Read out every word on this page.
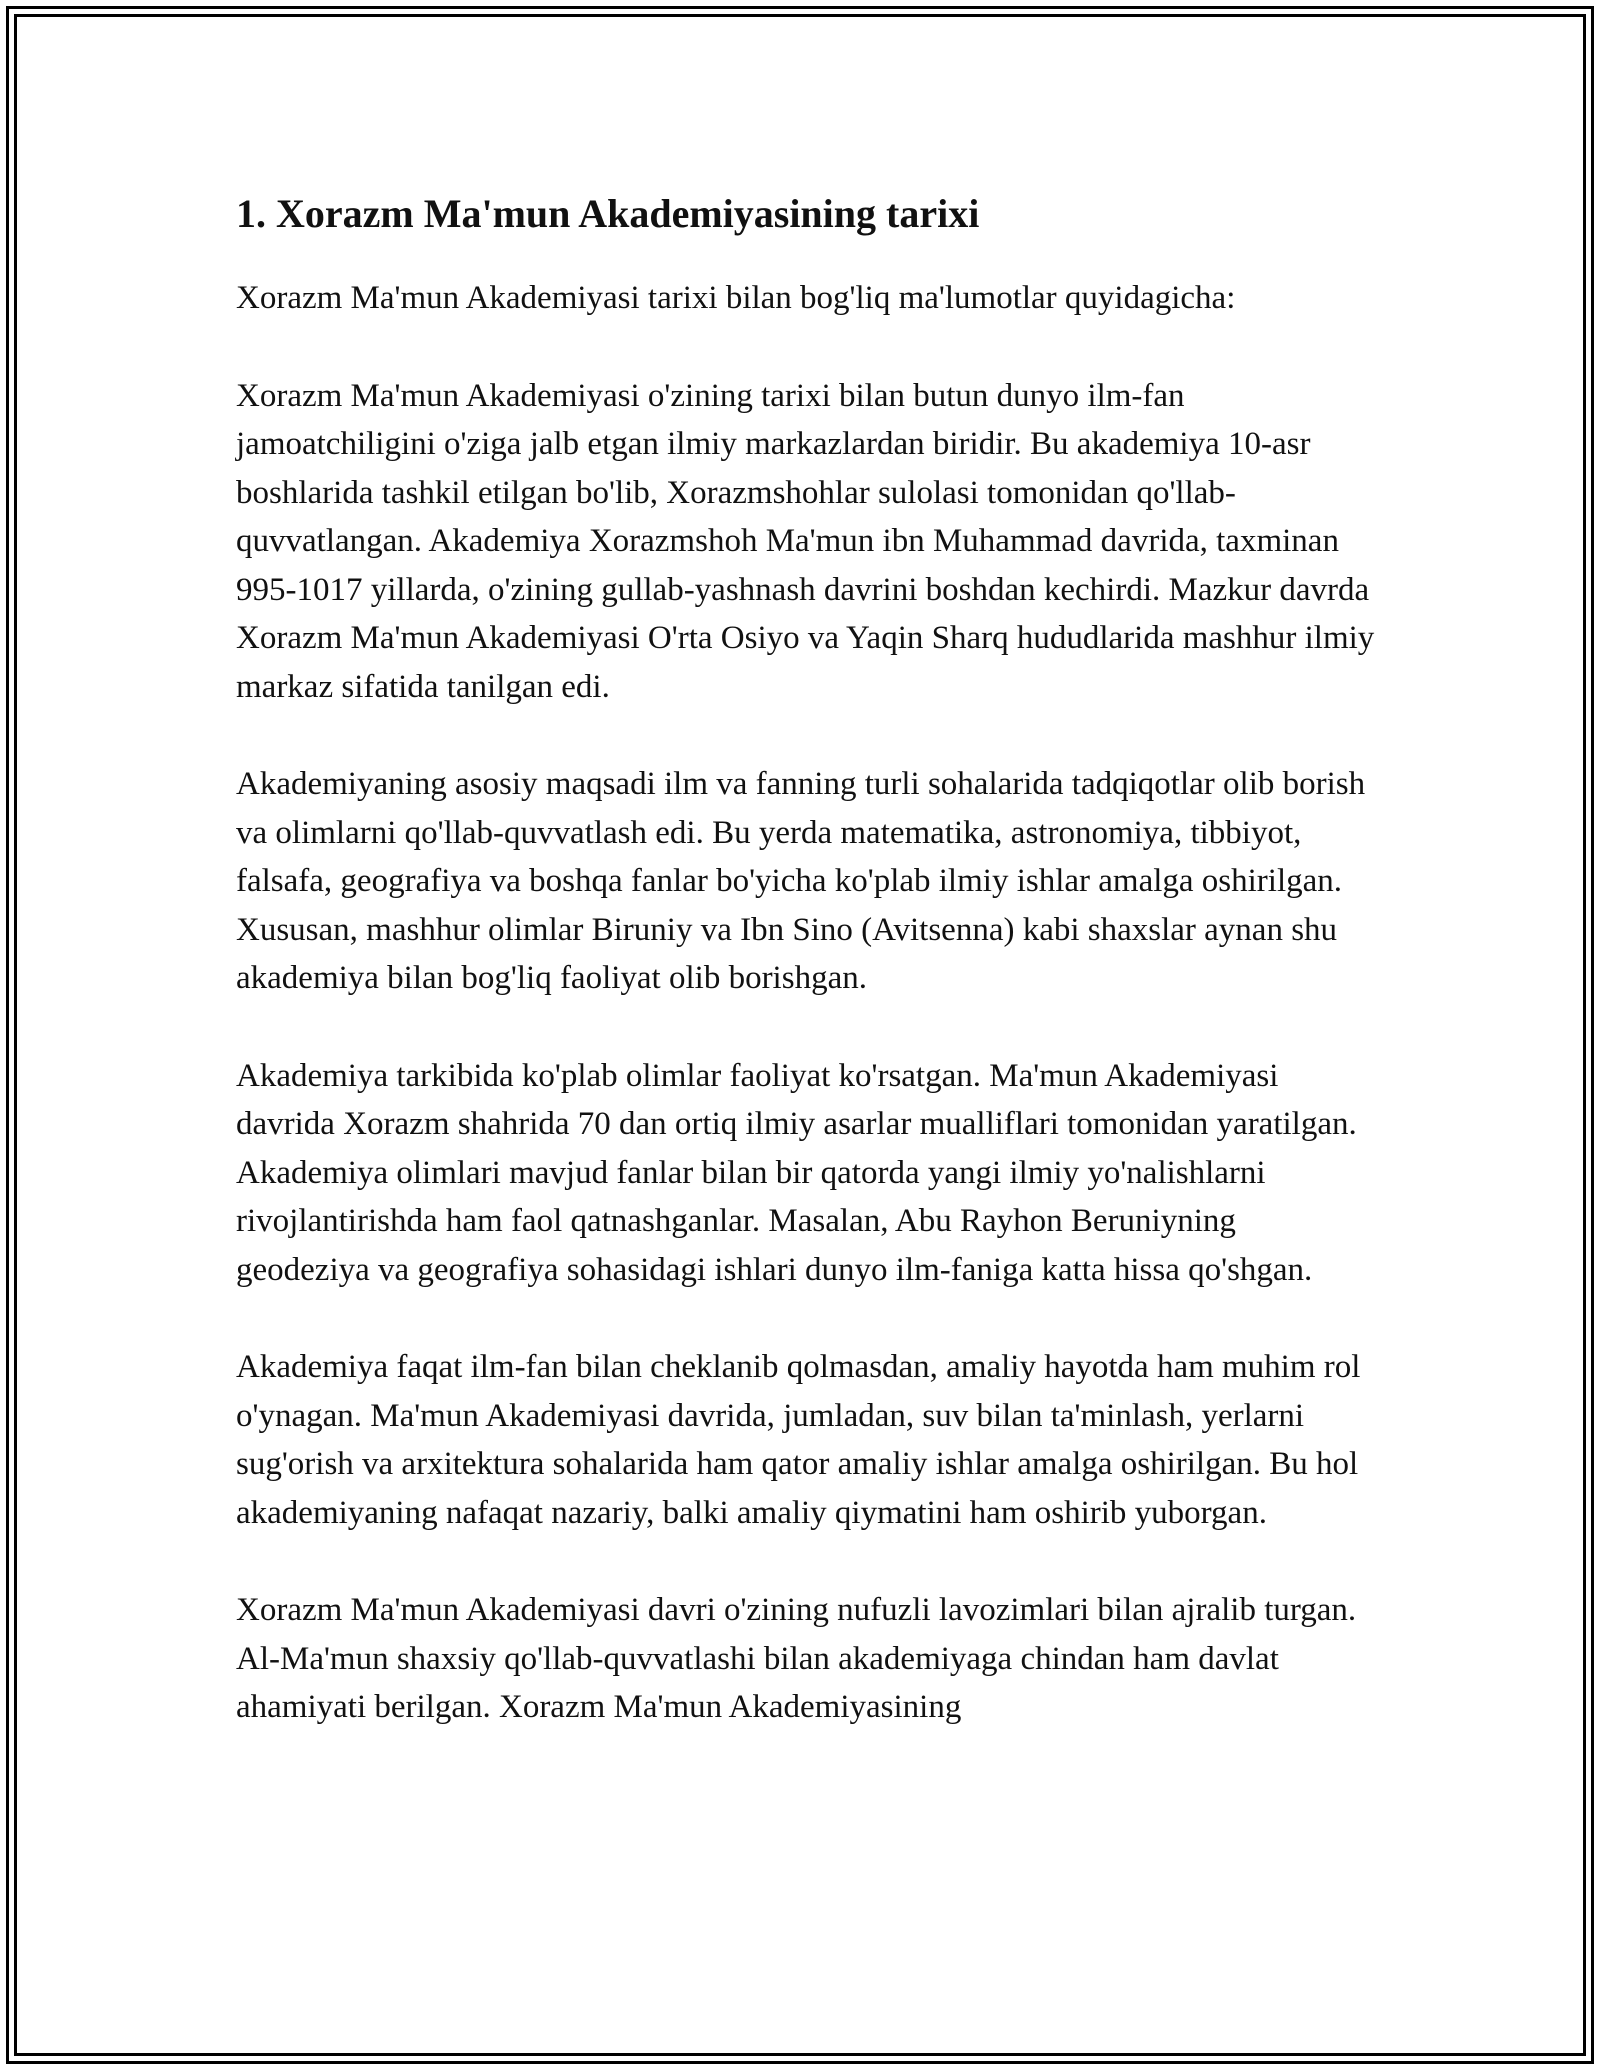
1. Xorazm Ma'mun Akademiyasining tarixi

Xorazm Ma'mun Akademiyasi tarixi bilan bog'liq ma'lumotlar quyidagicha:

Xorazm Ma'mun Akademiyasi o'zining tarixi bilan butun dunyo ilm-fan jamoatchiligini o'ziga jalb etgan ilmiy markazlardan biridir. Bu akademiya 10-asr boshlarida tashkil etilgan bo'lib, Xorazmshohlar sulolasi tomonidan qo'llab-quvvatlangan. Akademiya Xorazmshoh Ma'mun ibn Muhammad davrida, taxminan 995-1017 yillarda, o'zining gullab-yashnash davrini boshdan kechirdi. Mazkur davrda Xorazm Ma'mun Akademiyasi O'rta Osiyo va Yaqin Sharq hududlarida mashhur ilmiy markaz sifatida tanilgan edi.

Akademiyaning asosiy maqsadi ilm va fanning turli sohalarida tadqiqotlar olib borish va olimlarni qo'llab-quvvatlash edi. Bu yerda matematika, astronomiya, tibbiyot, falsafa, geografiya va boshqa fanlar bo'yicha ko'plab ilmiy ishlar amalga oshirilgan. Xususan, mashhur olimlar Biruniy va Ibn Sino (Avitsenna) kabi shaxslar aynan shu akademiya bilan bog'liq faoliyat olib borishgan.

Akademiya tarkibida ko'plab olimlar faoliyat ko'rsatgan. Ma'mun Akademiyasi davrida Xorazm shahrida 70 dan ortiq ilmiy asarlar mualliflari tomonidan yaratilgan. Akademiya olimlari mavjud fanlar bilan bir qatorda yangi ilmiy yo'nalishlarni rivojlantirishda ham faol qatnashganlar. Masalan, Abu Rayhon Beruniyning geodeziya va geografiya sohasidagi ishlari dunyo ilm-faniga katta hissa qo'shgan.

Akademiya faqat ilm-fan bilan cheklanib qolmasdan, amaliy hayotda ham muhim rol o'ynagan. Ma'mun Akademiyasi davrida, jumladan, suv bilan ta'minlash, yerlarni sug'orish va arxitektura sohalarida ham qator amaliy ishlar amalga oshirilgan. Bu hol akademiyaning nafaqat nazariy, balki amaliy qiymatini ham oshirib yuborgan.

Xorazm Ma'mun Akademiyasi davri o'zining nufuzli lavozimlari bilan ajralib turgan. Al-Ma'mun shaxsiy qo'llab-quvvatlashi bilan akademiyaga chindan ham davlat ahamiyati berilgan. Xorazm Ma'mun Akademiyasining
